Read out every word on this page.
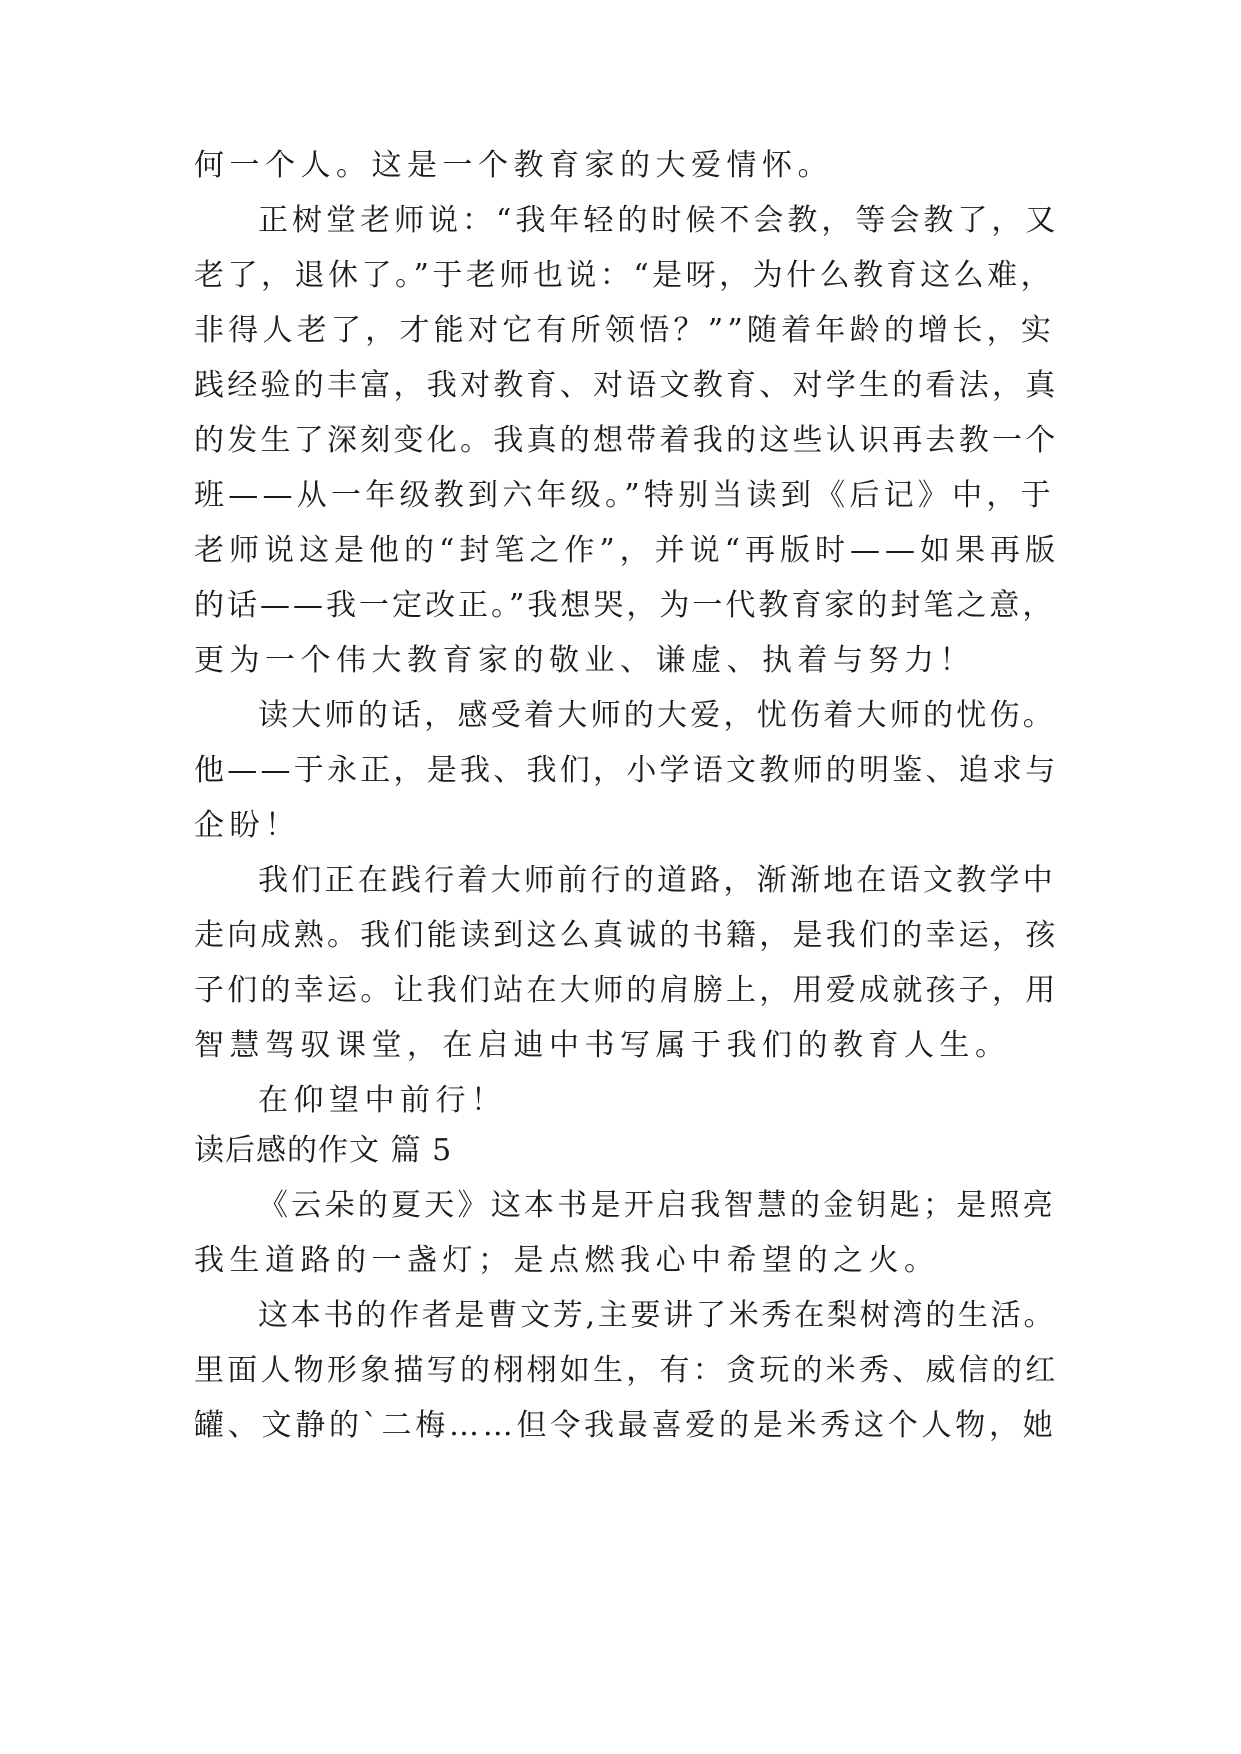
何一个人。这是一个教育家的大爱情怀。

正树堂老师说：“我年轻的时候不会教，等会教了，又

老了，退休了。”于老师也说：“是呀，为什么教育这么难，

非得人老了，才能对它有所领悟？””随着年龄的增长，实

践经验的丰富，我对教育、对语文教育、对学生的看法，真

的发生了深刻变化。我真的想带着我的这些认识再去教一个

班——从一年级教到六年级。”特别当读到《后记》中，于

老师说这是他的“封笔之作”，并说“再版时——如果再版

的话——我一定改正。”我想哭，为一代教育家的封笔之意，

更为一个伟大教育家的敬业、谦虚、执着与努力！

读大师的话，感受着大师的大爱，忧伤着大师的忧伤。

他——于永正，是我、我们，小学语文教师的明鉴、追求与

企盼！

我们正在践行着大师前行的道路，渐渐地在语文教学中

走向成熟。我们能读到这么真诚的书籍，是我们的幸运，孩

子们的幸运。让我们站在大师的肩膀上，用爱成就孩子，用

智慧驾驭课堂，在启迪中书写属于我们的教育人生。

在仰望中前行！

读后感的作文 篇 5

《云朵的夏天》这本书是开启我智慧的金钥匙；是照亮

我生道路的一盏灯；是点燃我心中希望的之火。

这本书的作者是曹文芳,主要讲了米秀在梨树湾的生活。

里面人物形象描写的栩栩如生，有：贪玩的米秀、威信的红

罐、文静的`二梅……但令我最喜爱的是米秀这个人物，她
